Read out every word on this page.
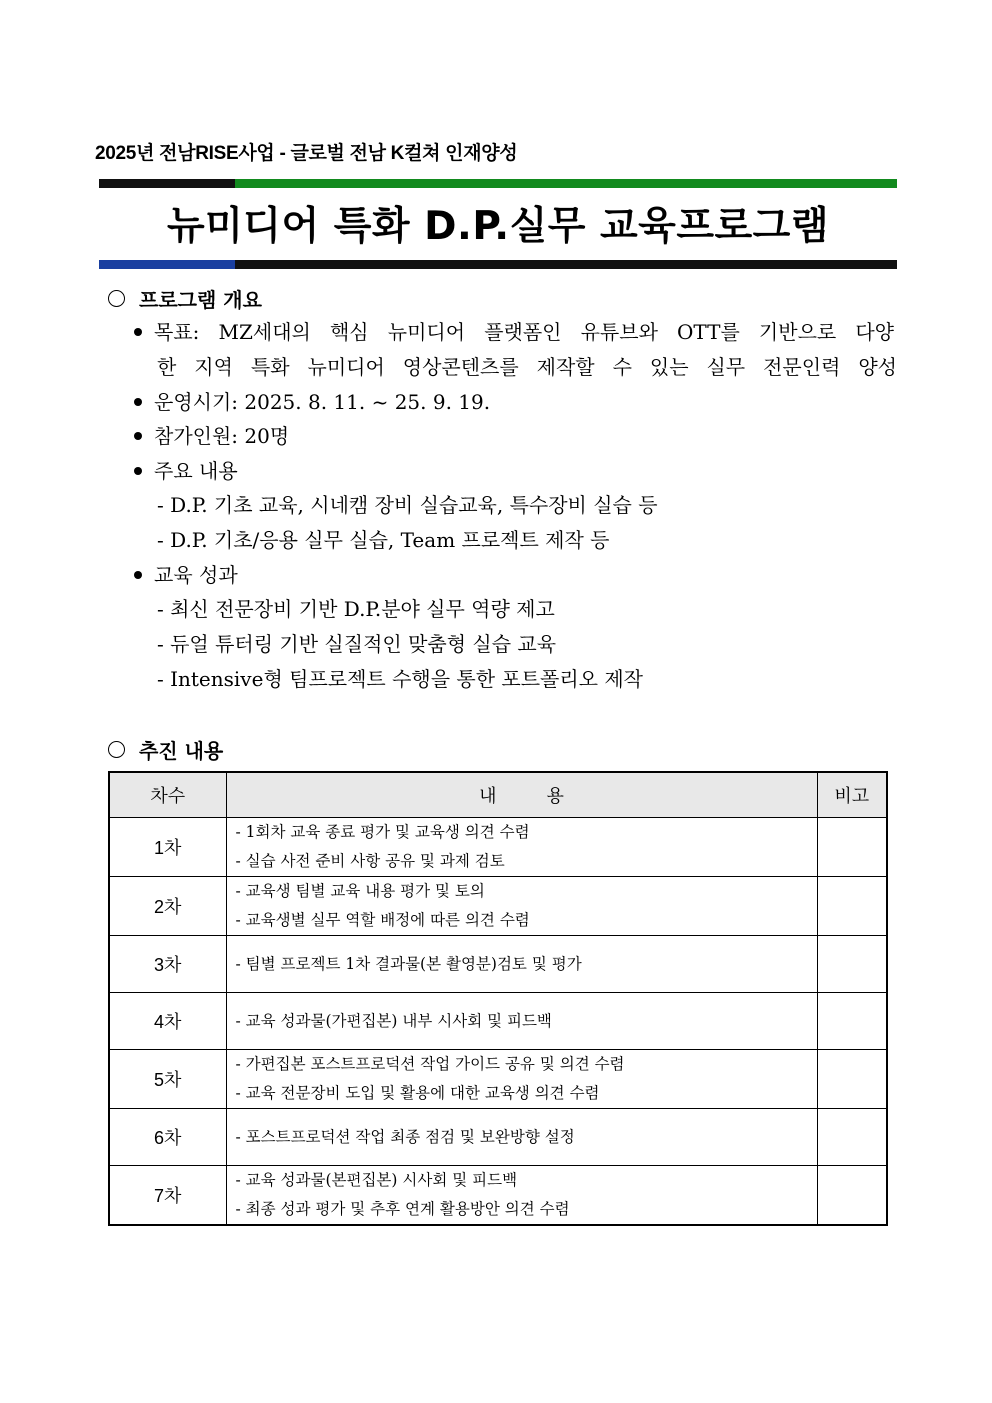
2025년 전남RISE사업 - 글로벌 전남 K컬쳐 인재양성
뉴미디어 특화 D.P.실무 교육프로그램
프로그램 개요
목표: MZ세대의 핵심 뉴미디어 플랫폼인 유튜브와 OTT를 기반으로 다양
한 지역 특화 뉴미디어 영상콘텐츠를 제작할 수 있는 실무 전문인력 양성
운영시기: 2025. 8. 11. ~ 25. 9. 19.
참가인원: 20명
주요 내용
- D.P. 기초 교육, 시네캠 장비 실습교육, 특수장비 실습 등
- D.P. 기초/응용 실무 실습, Team 프로젝트 제작 등
교육 성과
- 최신 전문장비 기반 D.P.분야 실무 역량 제고
- 듀얼 튜터링 기반 실질적인 맞춤형 실습 교육
- Intensive형 팀프로젝트 수행을 통한 포트폴리오 제작
추진 내용
차수	내          용	비고
1차	- 1회차 교육 종료 평가 및 교육생 의견 수렴
- 실습 사전 준비 사항 공유 및 과제 검토	

2차	- 교육생 팀별 교육 내용 평가 및 토의
- 교육생별 실무 역할 배정에 따른 의견 수렴	

3차	- 팀별 프로젝트 1차 결과물(본 촬영분)검토 및 평가	

4차	- 교육 성과물(가편집본) 내부 시사회 및 피드백	

5차	- 가편집본 포스트프로덕션 작업 가이드 공유 및 의견 수렴
- 교육 전문장비 도입 및 활용에 대한 교육생 의견 수렴	

6차	- 포스트프로덕션 작업 최종 점검 및 보완방향 설정	

7차	- 교육 성과물(본편집본) 시사회 및 피드백
- 최종 성과 평가 및 추후 연계 활용방안 의견 수렴	
